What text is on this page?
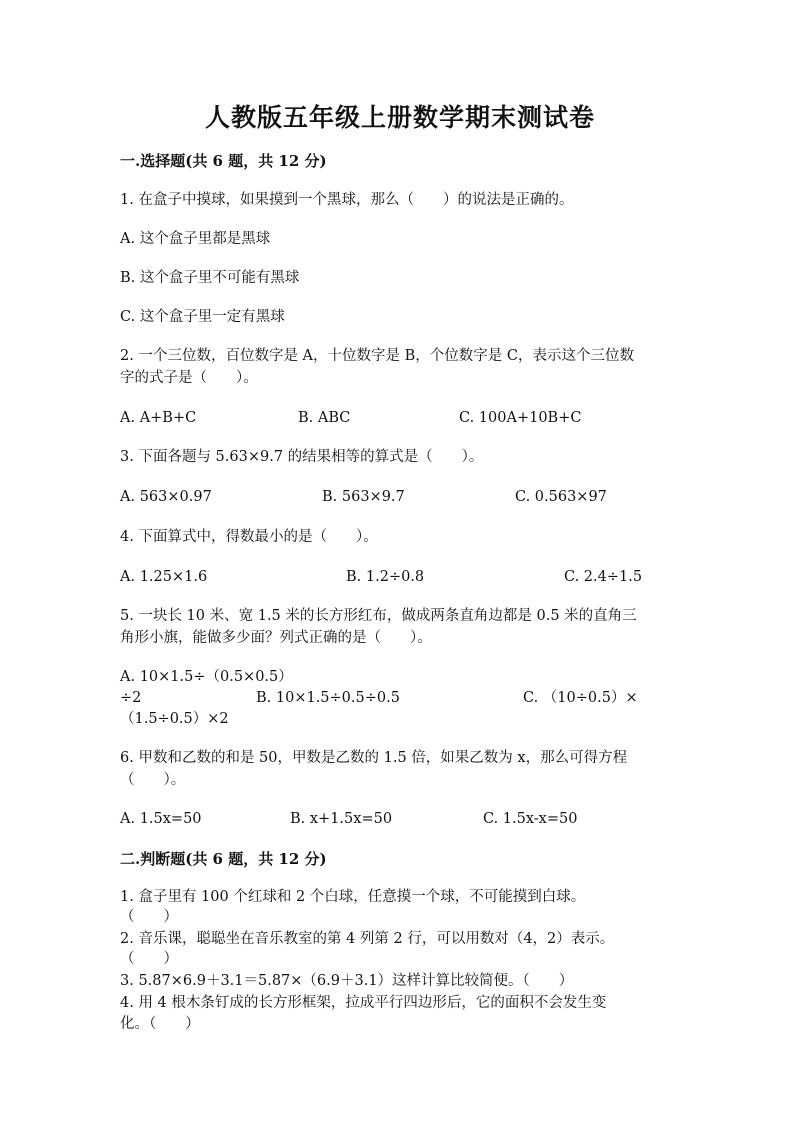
人教版五年级上册数学期末测试卷
一.选择题(共 6 题，共 12 分)
1. 在盒子中摸球，如果摸到一个黑球，那么（　　）的说法是正确的。
A. 这个盒子里都是黑球
B. 这个盒子里不可能有黑球
C. 这个盒子里一定有黑球
2. 一个三位数，百位数字是 A，十位数字是 B，个位数字是 C，表示这个三位数
字的式子是（　　）。
A. A+B+C	B. ABC	C. 100A+10B+C
3. 下面各题与 5.63×9.7 的结果相等的算式是（　　）。
A. 563×0.97	B. 563×9.7	C. 0.563×97
4. 下面算式中，得数最小的是（　　）。
A. 1.25×1.6	B. 1.2÷0.8	C. 2.4÷1.5
5. 一块长 10 米、宽 1.5 米的长方形红布，做成两条直角边都是 0.5 米的直角三
角形小旗，能做多少面？列式正确的是（　　）。
A. 10×1.5÷（0.5×0.5）
÷2	B. 10×1.5÷0.5÷0.5	C. （10÷0.5）×
（1.5÷0.5）×2
6. 甲数和乙数的和是 50，甲数是乙数的 1.5 倍，如果乙数为 x，那么可得方程
（　　）。
A. 1.5x=50	B. x+1.5x=50	C. 1.5x-x=50
二.判断题(共 6 题，共 12 分)
1. 盒子里有 100 个红球和 2 个白球，任意摸一个球，不可能摸到白球。
（　　）
2. 音乐课，聪聪坐在音乐教室的第 4 列第 2 行，可以用数对（4，2）表示。
（　　）
3. 5.87×6.9＋3.1＝5.87×（6.9＋3.1）这样计算比较简便。（　　）
4. 用 4 根木条钉成的长方形框架，拉成平行四边形后，它的面积不会发生变
化。（　　）
